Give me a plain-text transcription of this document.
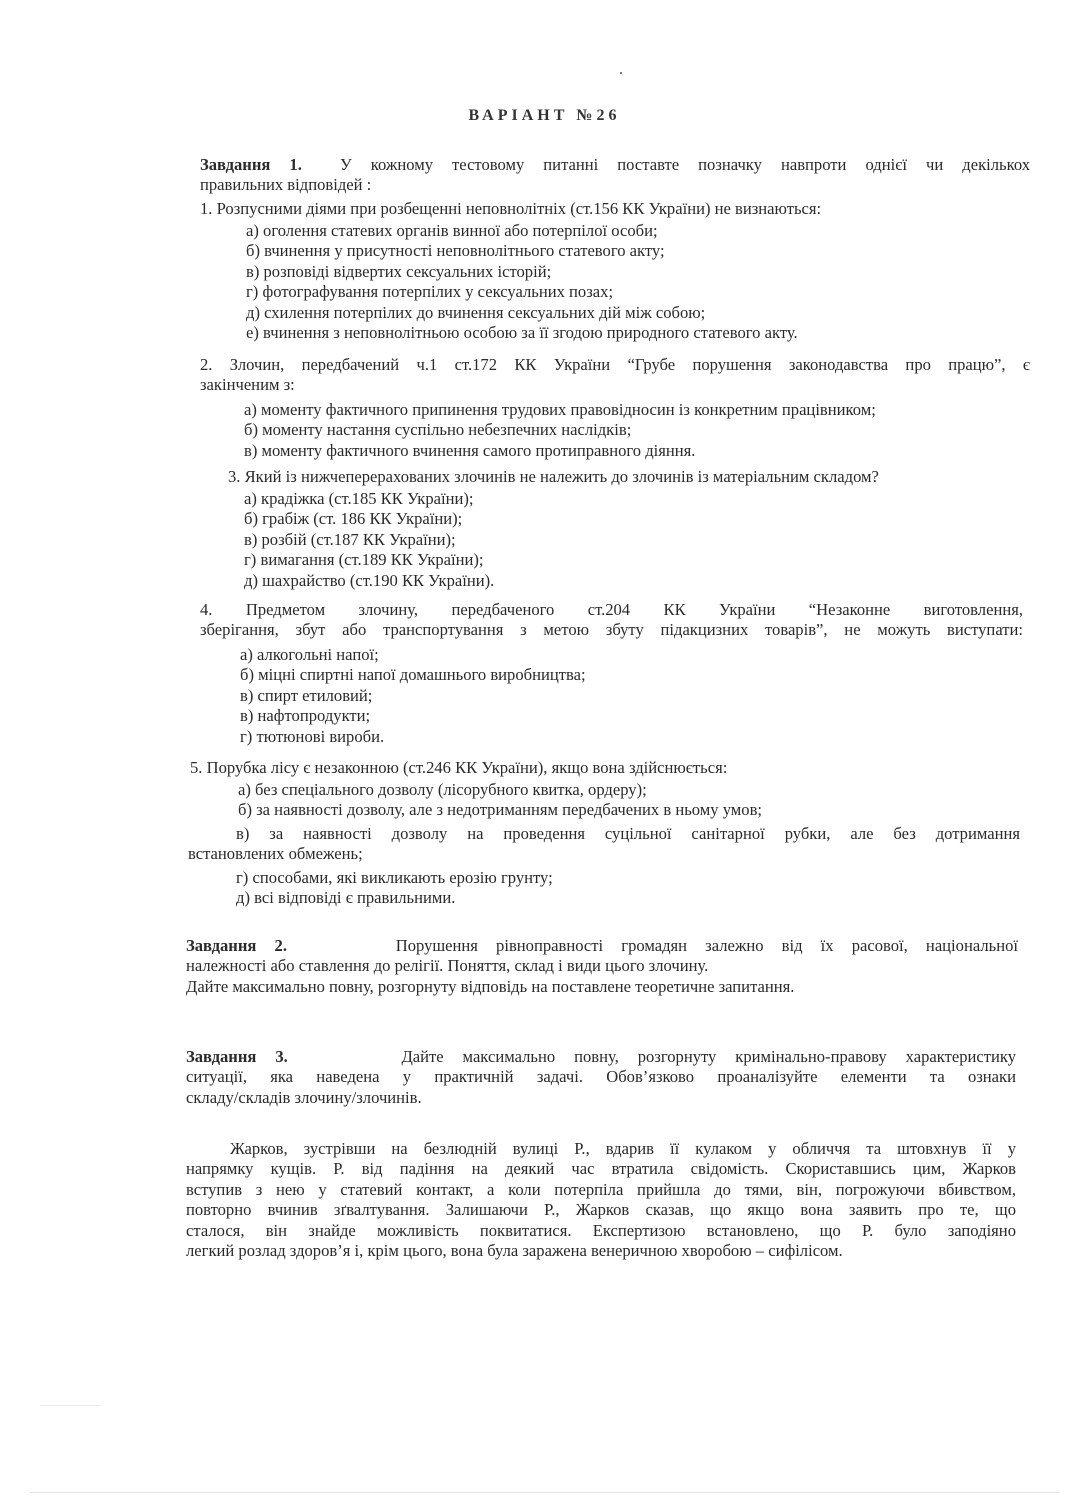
ВАРІАНТ №26
Завдання 1. У кожному тестовому питанні поставте позначку навпроти однієї чи декількох
правильних відповідей :
1. Розпусними діями при розбещенні неповнолітніх (ст.156 КК України) не визнаються:
а) оголення статевих органів винної або потерпілої особи;
б) вчинення у присутності неповнолітнього статевого акту;
в) розповіді відвертих сексуальних історій;
г) фотографування потерпілих у сексуальних позах;
д) схилення потерпілих до вчинення сексуальних дій між собою;
е) вчинення з неповнолітньою особою за її згодою природного статевого акту.
2. Злочин, передбачений ч.1 ст.172 КК України “Грубе порушення законодавства про працю”, є
закінченим з:
а) моменту фактичного припинення трудових правовідносин із конкретним працівником;
б) моменту настання суспільно небезпечних наслідків;
в) моменту фактичного вчинення самого протиправного діяння.
3. Який із нижчеперерахованих злочинів не належить до злочинів із матеріальним складом?
а) крадіжка (ст.185 КК України);
б) грабіж (ст. 186 КК України);
в) розбій (ст.187 КК України);
г) вимагання (ст.189 КК України);
д) шахрайство (ст.190 КК України).
4. Предметом злочину, передбаченого ст.204 КК України “Незаконне виготовлення,
зберігання, збут або транспортування з метою збуту підакцизних товарів”, не можуть виступати:
а) алкогольні напої;
б) міцні спиртні напої домашнього виробництва;
в) спирт етиловий;
в) нафтопродукти;
г) тютюнові вироби.
5. Порубка лісу є незаконною (ст.246 КК України), якщо вона здійснюється:
а) без спеціального дозволу (лісорубного квитка, ордеру);
б) за наявності дозволу, але з недотриманням передбачених в ньому умов;
в) за наявності дозволу на проведення суцільної санітарної рубки, але без дотримання
встановлених обмежень;
г) способами, які викликають ерозію грунту;
д) всі відповіді є правильними.
Завдання 2.	Порушення рівноправності громадян залежно від їх расової, національної
належності або ставлення до релігії. Поняття, склад і види цього злочину.
Дайте максимально повну, розгорнуту відповідь на поставлене теоретичне запитання.
Завдання 3.	Дайте максимально повну, розгорнуту кримінально-правову характеристику
ситуації, яка наведена у практичній задачі. Обов’язково проаналізуйте елементи та ознаки
складу/складів злочину/злочинів.
Жарков, зустрівши на безлюдній вулиці Р., вдарив її кулаком у обличчя та штовхнув її у
напрямку кущів. Р. від падіння на деякий час втратила свідомість. Скориставшись цим, Жарков
вступив з нею у статевий контакт, а коли потерпіла прийшла до тями, він, погрожуючи вбивством,
повторно вчинив зґвалтування. Залишаючи Р., Жарков сказав, що якщо вона заявить про те, що
сталося, він знайде можливість поквитатися. Експертизою встановлено, що Р. було заподіяно
легкий розлад здоров’я і, крім цього, вона була заражена венеричною хворобою – сифілісом.
